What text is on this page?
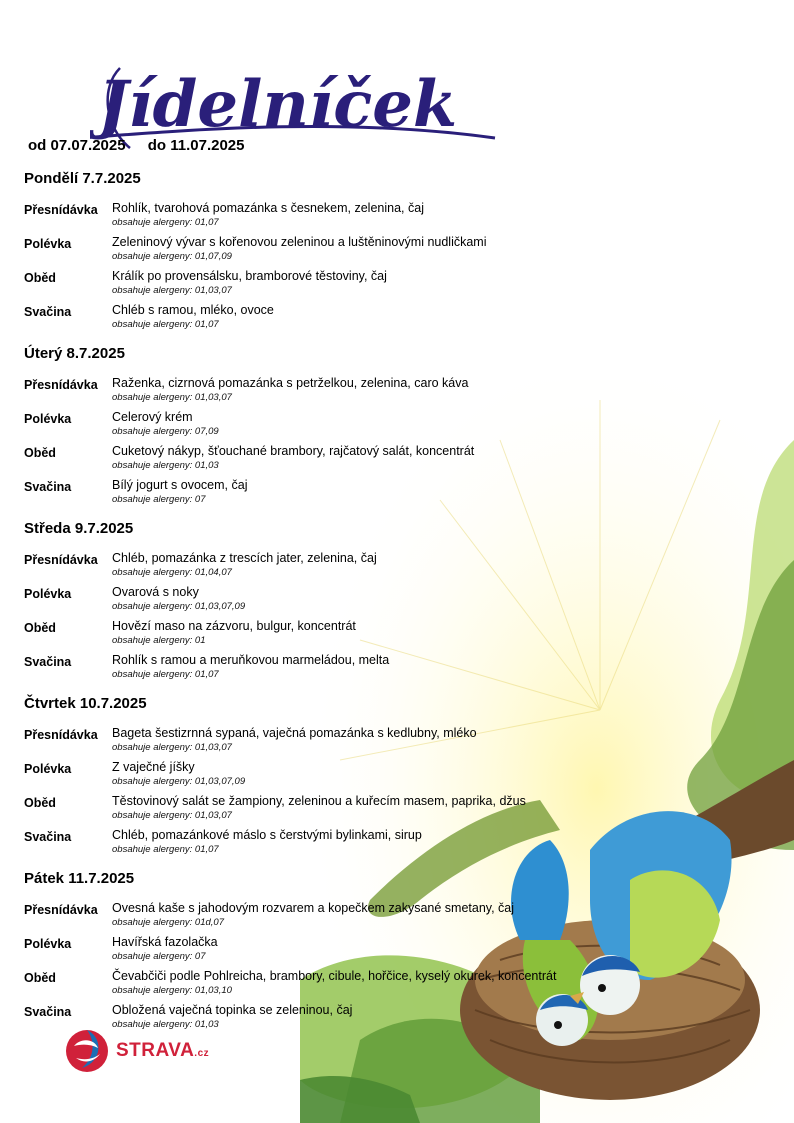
Jídelníček
od 07.07.2025 do 11.07.2025
Pondělí 7.7.2025
Přesnídávka	Rohlík, tvarohová pomazánka s česnekem, zelenina, čaj
obsahuje alergeny: 01,07
Polévka	Zeleninový vývar s kořenovou zeleninou a luštěninovými nudličkami
obsahuje alergeny: 01,07,09
Oběd	Králík po provensálsku, bramborové těstoviny, čaj
obsahuje alergeny: 01,03,07
Svačina	Chléb s ramou, mléko, ovoce
obsahuje alergeny: 01,07
Úterý 8.7.2025
Přesnídávka	Raženka, cizrnová pomazánka s petrželkou, zelenina, caro káva
obsahuje alergeny: 01,03,07
Polévka	Celerový krém
obsahuje alergeny: 07,09
Oběd	Cuketový nákyp, šťouchané brambory, rajčatový salát, koncentrát
obsahuje alergeny: 01,03
Svačina	Bílý jogurt s ovocem, čaj
obsahuje alergeny: 07
Středa 9.7.2025
Přesnídávka	Chléb, pomazánka z trescích jater, zelenina, čaj
obsahuje alergeny: 01,04,07
Polévka	Ovarová s noky
obsahuje alergeny: 01,03,07,09
Oběd	Hovězí maso na zázvoru, bulgur, koncentrát
obsahuje alergeny: 01
Svačina	Rohlík s ramou a meruňkovou marmeládou, melta
obsahuje alergeny: 01,07
Čtvrtek 10.7.2025
Přesnídávka	Bageta šestizrnná sypaná, vaječná pomazánka s kedlubny, mléko
obsahuje alergeny: 01,03,07
Polévka	Z vaječné jíšky
obsahuje alergeny: 01,03,07,09
Oběd	Těstovinový salát se žampiony, zeleninou a kuřecím masem, paprika, džus
obsahuje alergeny: 01,03,07
Svačina	Chléb, pomazánkové máslo s čerstvými bylinkami, sirup
obsahuje alergeny: 01,07
Pátek 11.7.2025
Přesnídávka	Ovesná kaše s jahodovým rozvarem a kopečkem zakysané smetany, čaj
obsahuje alergeny: 01d,07
Polévka	Havířská fazolačka
obsahuje alergeny: 07
Oběd	Čevabčiči podle Pohlreicha, brambory, cibule, hořčice, kyselý okurek, koncentrát
obsahuje alergeny: 01,03,10
Svačina	Obložená vaječná topinka se zeleninou, čaj
obsahuje alergeny: 01,03
STRAVA.cz
